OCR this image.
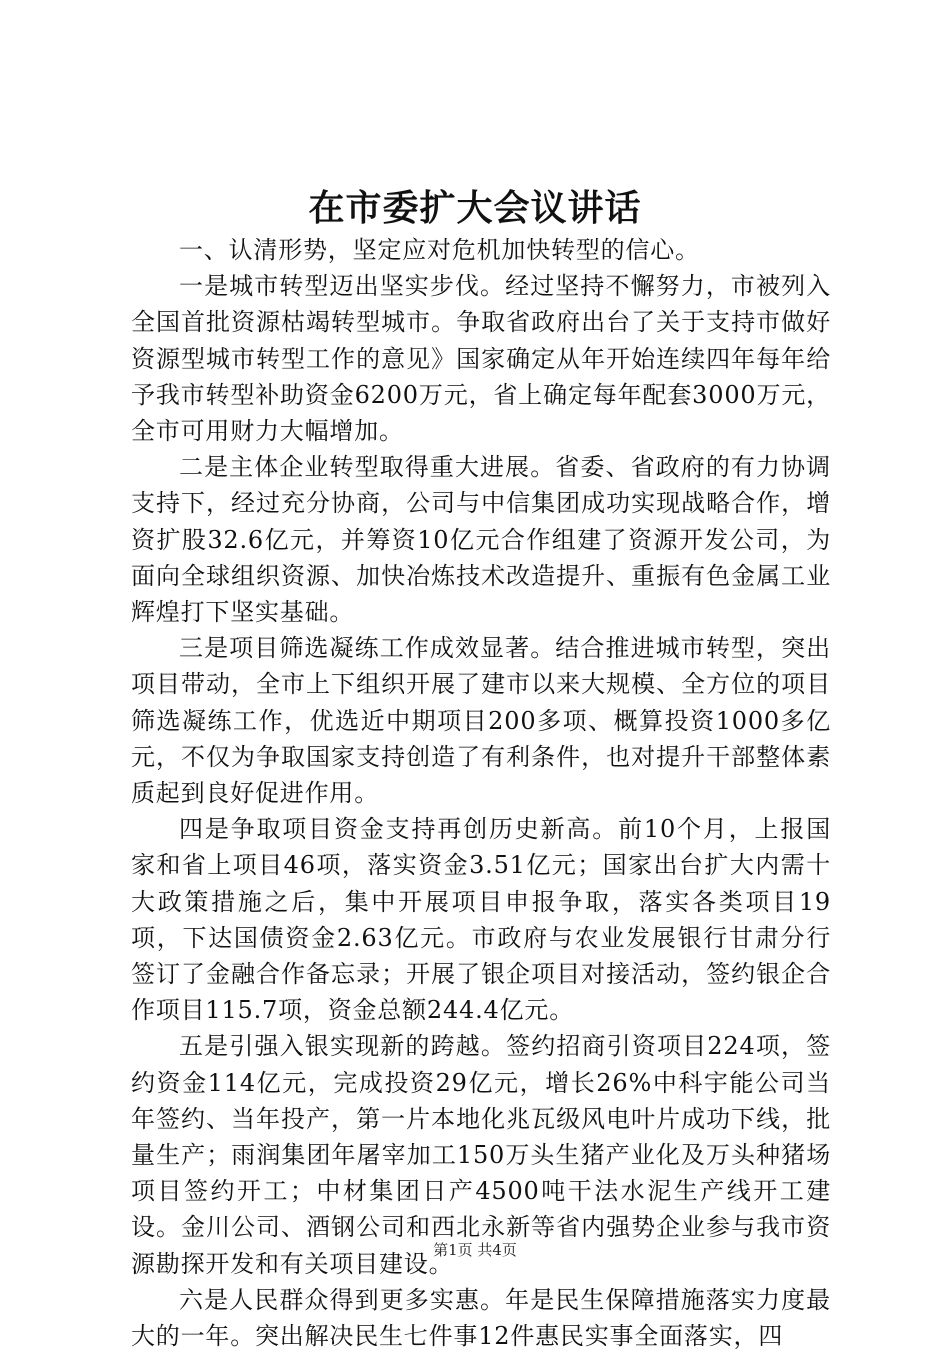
在市委扩大会议讲话

一、认清形势，坚定应对危机加快转型的信心。

一是城市转型迈出坚实步伐。经过坚持不懈努力，市被列入全国首批资源枯竭转型城市。争取省政府出台了关于支持市做好资源型城市转型工作的意见》国家确定从年开始连续四年每年给予我市转型补助资金6200万元，省上确定每年配套3000万元，全市可用财力大幅增加。

二是主体企业转型取得重大进展。省委、省政府的有力协调支持下，经过充分协商，公司与中信集团成功实现战略合作，增资扩股32.6亿元，并筹资10亿元合作组建了资源开发公司，为面向全球组织资源、加快冶炼技术改造提升、重振有色金属工业辉煌打下坚实基础。

三是项目筛选凝练工作成效显著。结合推进城市转型，突出项目带动，全市上下组织开展了建市以来大规模、全方位的项目筛选凝练工作，优选近中期项目200多项、概算投资1000多亿元，不仅为争取国家支持创造了有利条件，也对提升干部整体素质起到良好促进作用。

四是争取项目资金支持再创历史新高。前10个月，上报国家和省上项目46项，落实资金3.51亿元；国家出台扩大内需十大政策措施之后，集中开展项目申报争取，落实各类项目19项，下达国债资金2.63亿元。市政府与农业发展银行甘肃分行签订了金融合作备忘录；开展了银企项目对接活动，签约银企合作项目115.7项，资金总额244.4亿元。

五是引强入银实现新的跨越。签约招商引资项目224项，签约资金114亿元，完成投资29亿元，增长26%中科宇能公司当年签约、当年投产，第一片本地化兆瓦级风电叶片成功下线，批量生产；雨润集团年屠宰加工150万头生猪产业化及万头种猪场项目签约开工；中材集团日产4500吨干法水泥生产线开工建设。金川公司、酒钢公司和西北永新等省内强势企业参与我市资源勘探开发和有关项目建设。

六是人民群众得到更多实惠。年是民生保障措施落实力度最大的一年。突出解决民生七件事12件惠民实事全面落实，四

第1页 共4页
